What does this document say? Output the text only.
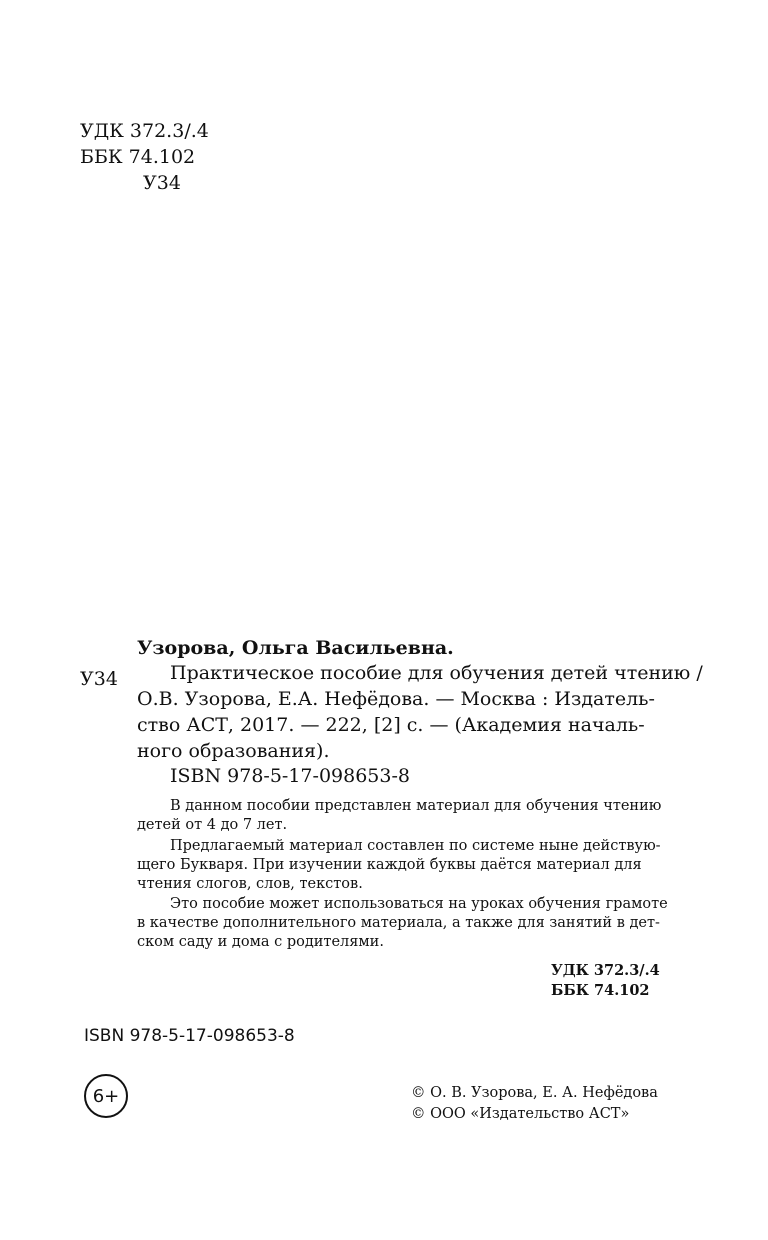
УДК 372.3/.4
ББК 74.102
У34
Узорова, Ольга Васильевна.
У34	Практическое пособие для обучения детей чтению /
О.В. Узорова, Е.А. Нефёдова. — Москва : Издатель-
ство АСТ, 2017. — 222, [2] с. — (Академия началь-
ного образования).
ISBN 978-5-17-098653-8
В данном пособии представлен материал для обучения чтению
детей от 4 до 7 лет.
Предлагаемый материал составлен по системе ныне действую-
щего Букваря. При изучении каждой буквы даётся материал для
чтения слогов, слов, текстов.
Это пособие может использоваться на уроках обучения грамоте
в качестве дополнительного материала, а также для занятий в дет-
ском саду и дома с родителями.
УДК 372.3/.4
ББК 74.102
ISBN 978-5-17-098653-8
6+	© О. В. Узорова, Е. А. Нефёдова
© ООО «Издательство АСТ»
